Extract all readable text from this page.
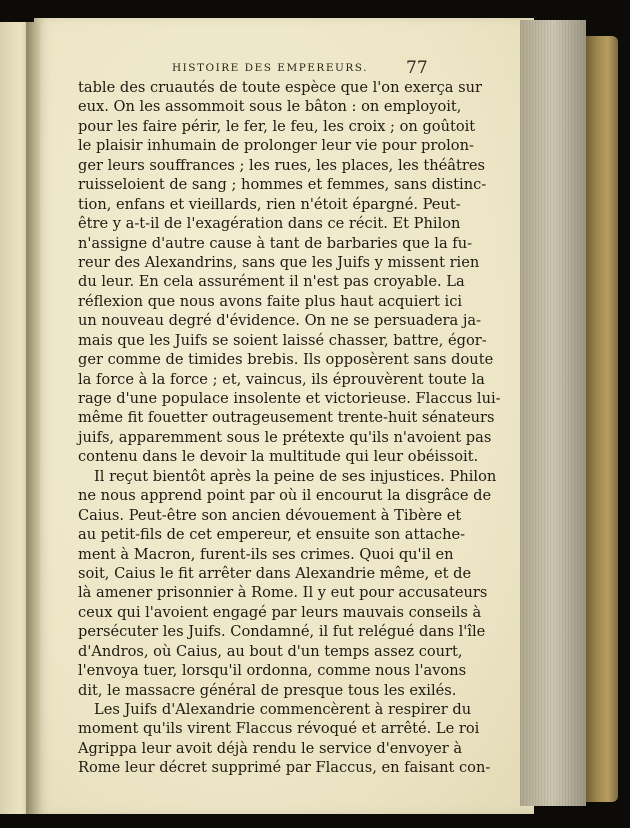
HISTOIRE DES EMPEREURS. 77
table des cruautés de toute espèce que l'on exerça sur
eux. On les assommoit sous le bâton : on employoit,
pour les faire périr, le fer, le feu, les croix ; on goûtoit
le plaisir inhumain de prolonger leur vie pour prolon-
ger leurs souffrances ; les rues, les places, les théâtres
ruisseloient de sang ; hommes et femmes, sans distinc-
tion, enfans et vieillards, rien n'étoit épargné. Peut-
être y a-t-il de l'exagération dans ce récit. Et Philon
n'assigne d'autre cause à tant de barbaries que la fu-
reur des Alexandrins, sans que les Juifs y missent rien
du leur. En cela assurément il n'est pas croyable. La
réflexion que nous avons faite plus haut acquiert ici
un nouveau degré d'évidence. On ne se persuadera ja-
mais que les Juifs se soient laissé chasser, battre, égor-
ger comme de timides brebis. Ils opposèrent sans doute
la force à la force ; et, vaincus, ils éprouvèrent toute la
rage d'une populace insolente et victorieuse. Flaccus lui-
même fit fouetter outrageusement trente-huit sénateurs
juifs, apparemment sous le prétexte qu'ils n'avoient pas
contenu dans le devoir la multitude qui leur obéissoit.
Il reçut bientôt après la peine de ses injustices. Philon
ne nous apprend point par où il encourut la disgrâce de
Caius. Peut-être son ancien dévouement à Tibère et
au petit-fils de cet empereur, et ensuite son attache-
ment à Macron, furent-ils ses crimes. Quoi qu'il en
soit, Caius le fit arrêter dans Alexandrie même, et de
là amener prisonnier à Rome. Il y eut pour accusateurs
ceux qui l'avoient engagé par leurs mauvais conseils à
persécuter les Juifs. Condamné, il fut relégué dans l'île
d'Andros, où Caius, au bout d'un temps assez court,
l'envoya tuer, lorsqu'il ordonna, comme nous l'avons
dit, le massacre général de presque tous les exilés.
Les Juifs d'Alexandrie commencèrent à respirer du
moment qu'ils virent Flaccus révoqué et arrêté. Le roi
Agrippa leur avoit déjà rendu le service d'envoyer à
Rome leur décret supprimé par Flaccus, en faisant con-
